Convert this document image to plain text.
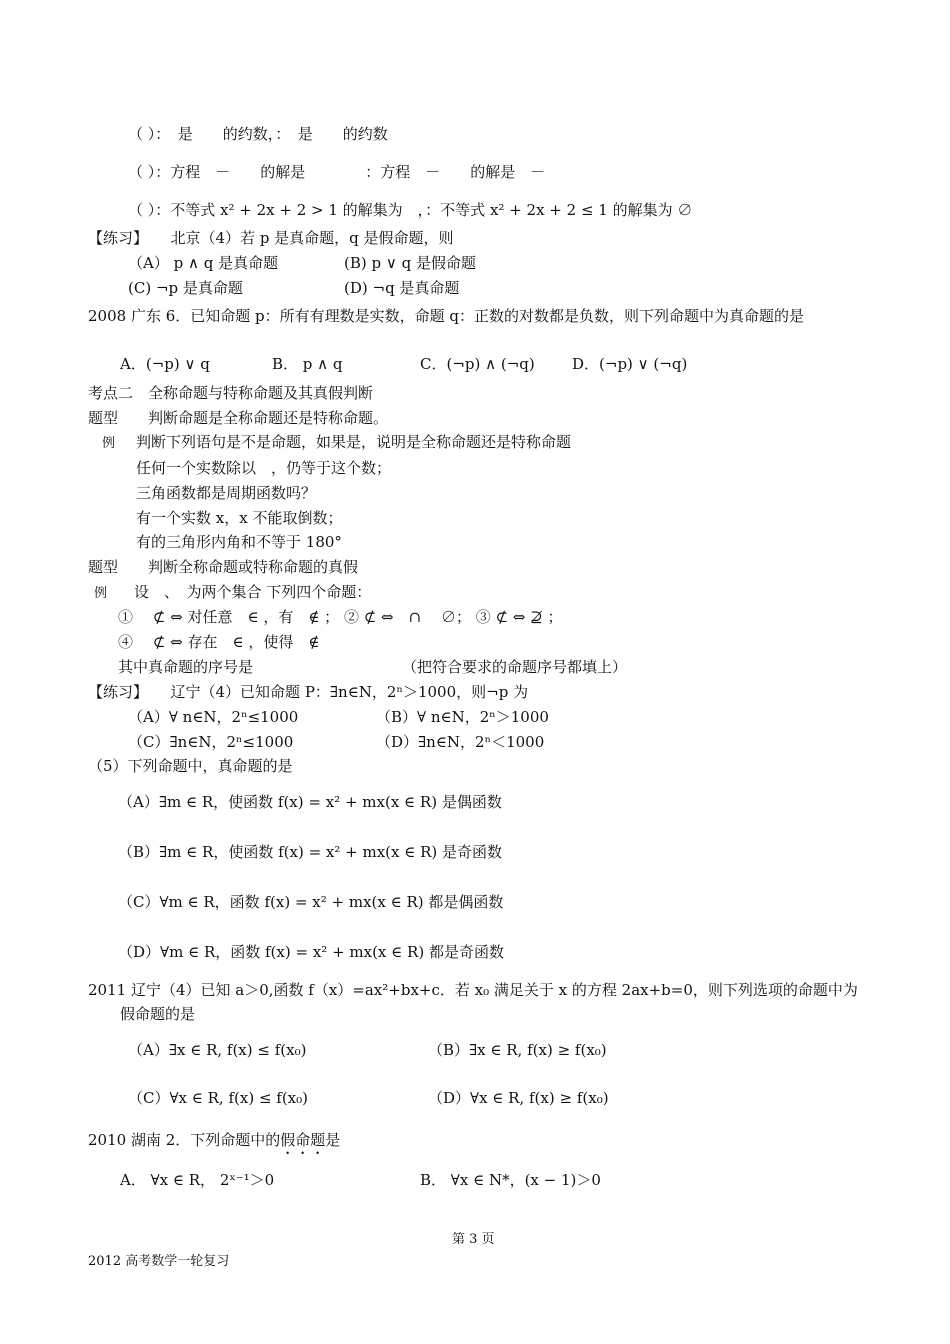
（ ）：　是　　的约数，：　是　　的约数
（ ）：方程　－　　的解是　　　　：方程　－　　的解是　－
（ ）：不等式 x² + 2x + 2 > 1 的解集为　，：不等式 x² + 2x + 2 ≤ 1 的解集为 ∅
【练习】　　北京（4）若 p 是真命题，q 是假命题，则
（A） p ∧ q 是真命题	(B) p ∨ q 是假命题
(C) ¬p 是真命题	(D) ¬q 是真命题
2008 广东 6．已知命题 p：所有有理数是实数，命题 q：正数的对数都是负数，则下列命题中为真命题的是
A．(¬p) ∨ q	B． p ∧ q	C．(¬p) ∧ (¬q) D．(¬p) ∨ (¬q)
考点二　全称命题与特称命题及其真假判断
题型　　判断命题是全称命题还是特称命题。
例 判断下列语句是不是命题，如果是，说明是全称命题还是特称命题
任何一个实数除以　，仍等于这个数；
三角函数都是周期函数吗？
有一个实数 x，x 不能取倒数；
有的三角形内角和不等于 180°
题型　　判断全称命题或特称命题的真假
例 设　、　为两个集合 下列四个命题：
①　 ⊄ ⇔ 对任意　∈ ，有　∉ ； ② ⊄ ⇔　∩　 ∅； ③ ⊄ ⇔ ⊉ ；
④　 ⊄ ⇔ 存在　∈ ，使得　∉
其中真命题的序号是	（把符合要求的命题序号都填上）
【练习】　　辽宁（4）已知命题 P：∃n∈N，2ⁿ＞1000，则¬p 为
（A）∀ n∈N，2ⁿ≤1000	（B）∀ n∈N，2ⁿ＞1000
（C）∃n∈N，2ⁿ≤1000	（D）∃n∈N，2ⁿ＜1000
（5）下列命题中，真命题的是
（A）∃m ∈ R，使函数 f(x) = x² + mx(x ∈ R) 是偶函数
（B）∃m ∈ R，使函数 f(x) = x² + mx(x ∈ R) 是奇函数
（C）∀m ∈ R，函数 f(x) = x² + mx(x ∈ R) 都是偶函数
（D）∀m ∈ R，函数 f(x) = x² + mx(x ∈ R) 都是奇函数
2011 辽宁（4）已知 a＞0,函数 f（x）=ax²+bx+c．若 x₀ 满足关于 x 的方程 2ax+b=0，则下列选项的命题中为
假命题的是
（A）∃x ∈ R, f(x) ≤ f(x₀)	（B）∃x ∈ R, f(x) ≥ f(x₀)
（C）∀x ∈ R, f(x) ≤ f(x₀)	（D）∀x ∈ R, f(x) ≥ f(x₀)
2010 湖南 2．下列命题中的假命题是
A． ∀x ∈ R， 2ˣ⁻¹＞0	B． ∀x ∈ N*，(x − 1)＞0
第 3 页
2012 高考数学一轮复习
